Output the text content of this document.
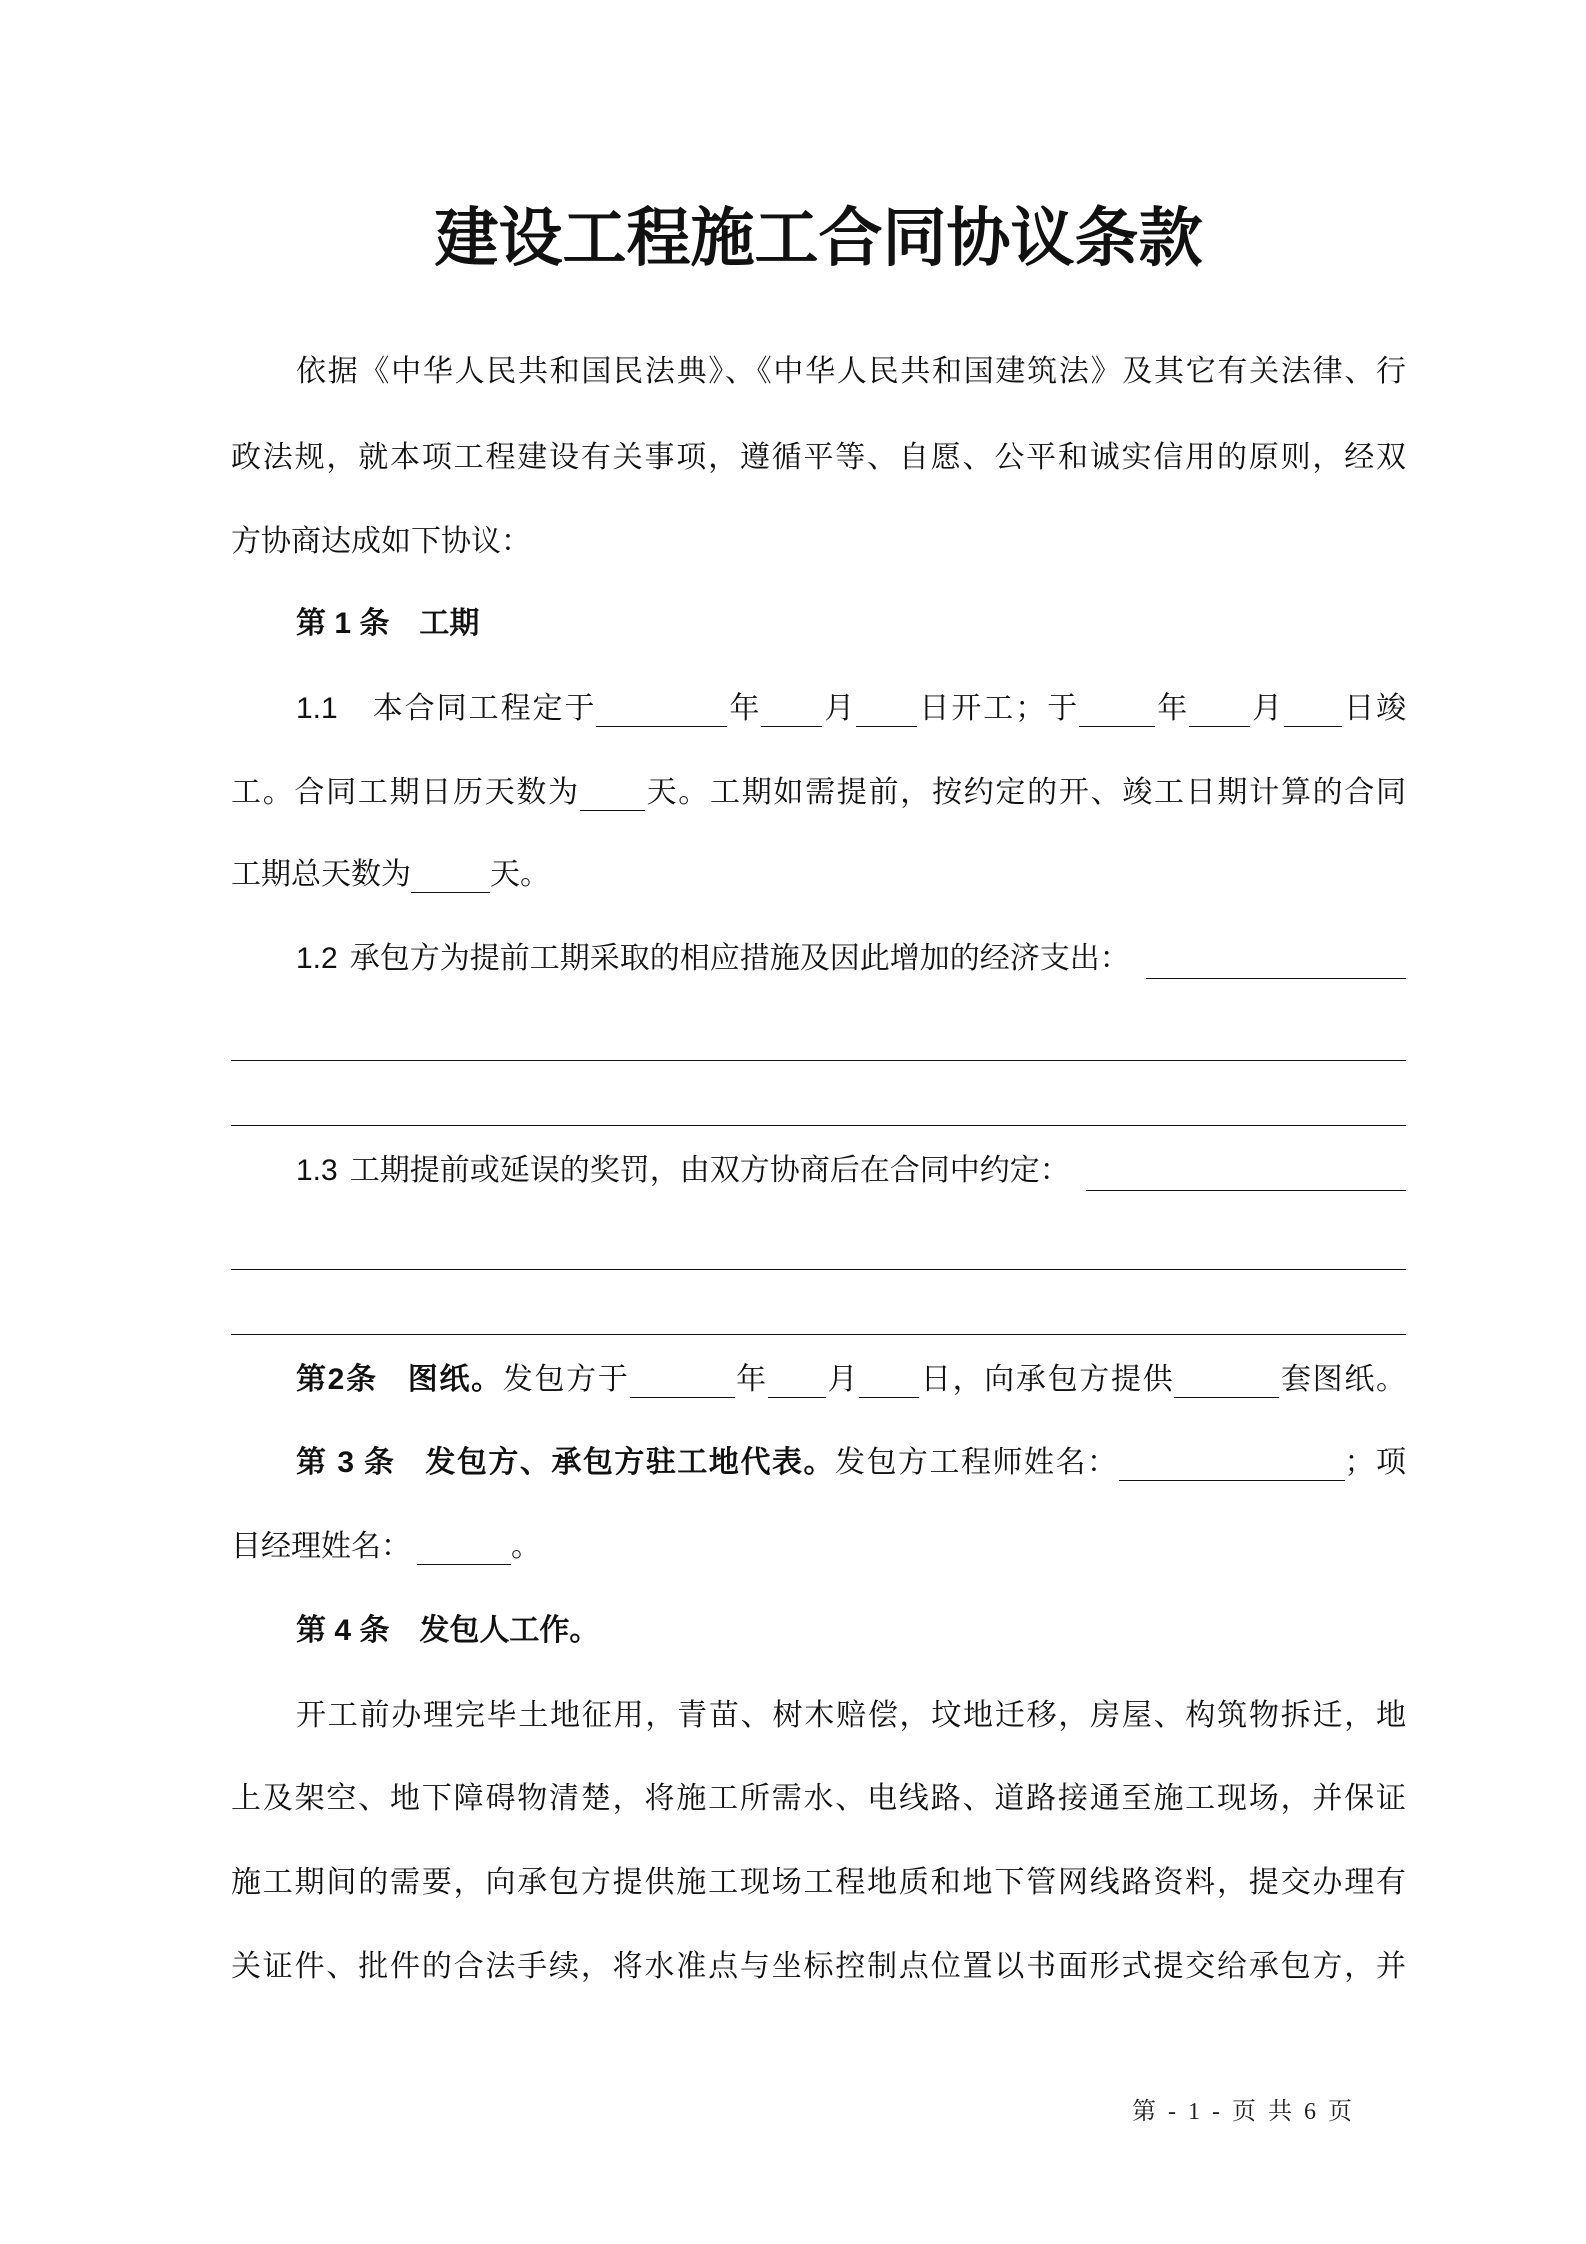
建设工程施工合同协议条款
依据《中华人民共和国民法典》、《中华人民共和国建筑法》及其它有关法律、行
政法规，就本项工程建设有关事项，遵循平等、自愿、公平和诚实信用的原则，经双
方协商达成如下协议：
第 1 条 工期
1.1 本合同工程定于	年 月 日开工；于	年 月 日竣
工。合同工期日历天数为 天。工期如需提前，按约定的开、竣工日期计算的合同
工期总天数为	天。
1.2 承包方为提前工期采取的相应措施及因此增加的经济支出：
1.3 工期提前或延误的奖罚，由双方协商后在合同中约定：
第2条 图纸。发包方于	年 月 日，向承包方提供	套图纸。
第 3 条 发包方、承包方驻工地代表。发包方工程师姓名：	；项
目经理姓名：	。
第 4 条 发包人工作。
开工前办理完毕土地征用，青苗、树木赔偿，坟地迁移，房屋、构筑物拆迁，地
上及架空、地下障碍物清楚，将施工所需水、电线路、道路接通至施工现场，并保证
施工期间的需要，向承包方提供施工现场工程地质和地下管网线路资料，提交办理有
关证件、批件的合法手续，将水准点与坐标控制点位置以书面形式提交给承包方，并
第 - 1 - 页 共 6 页
